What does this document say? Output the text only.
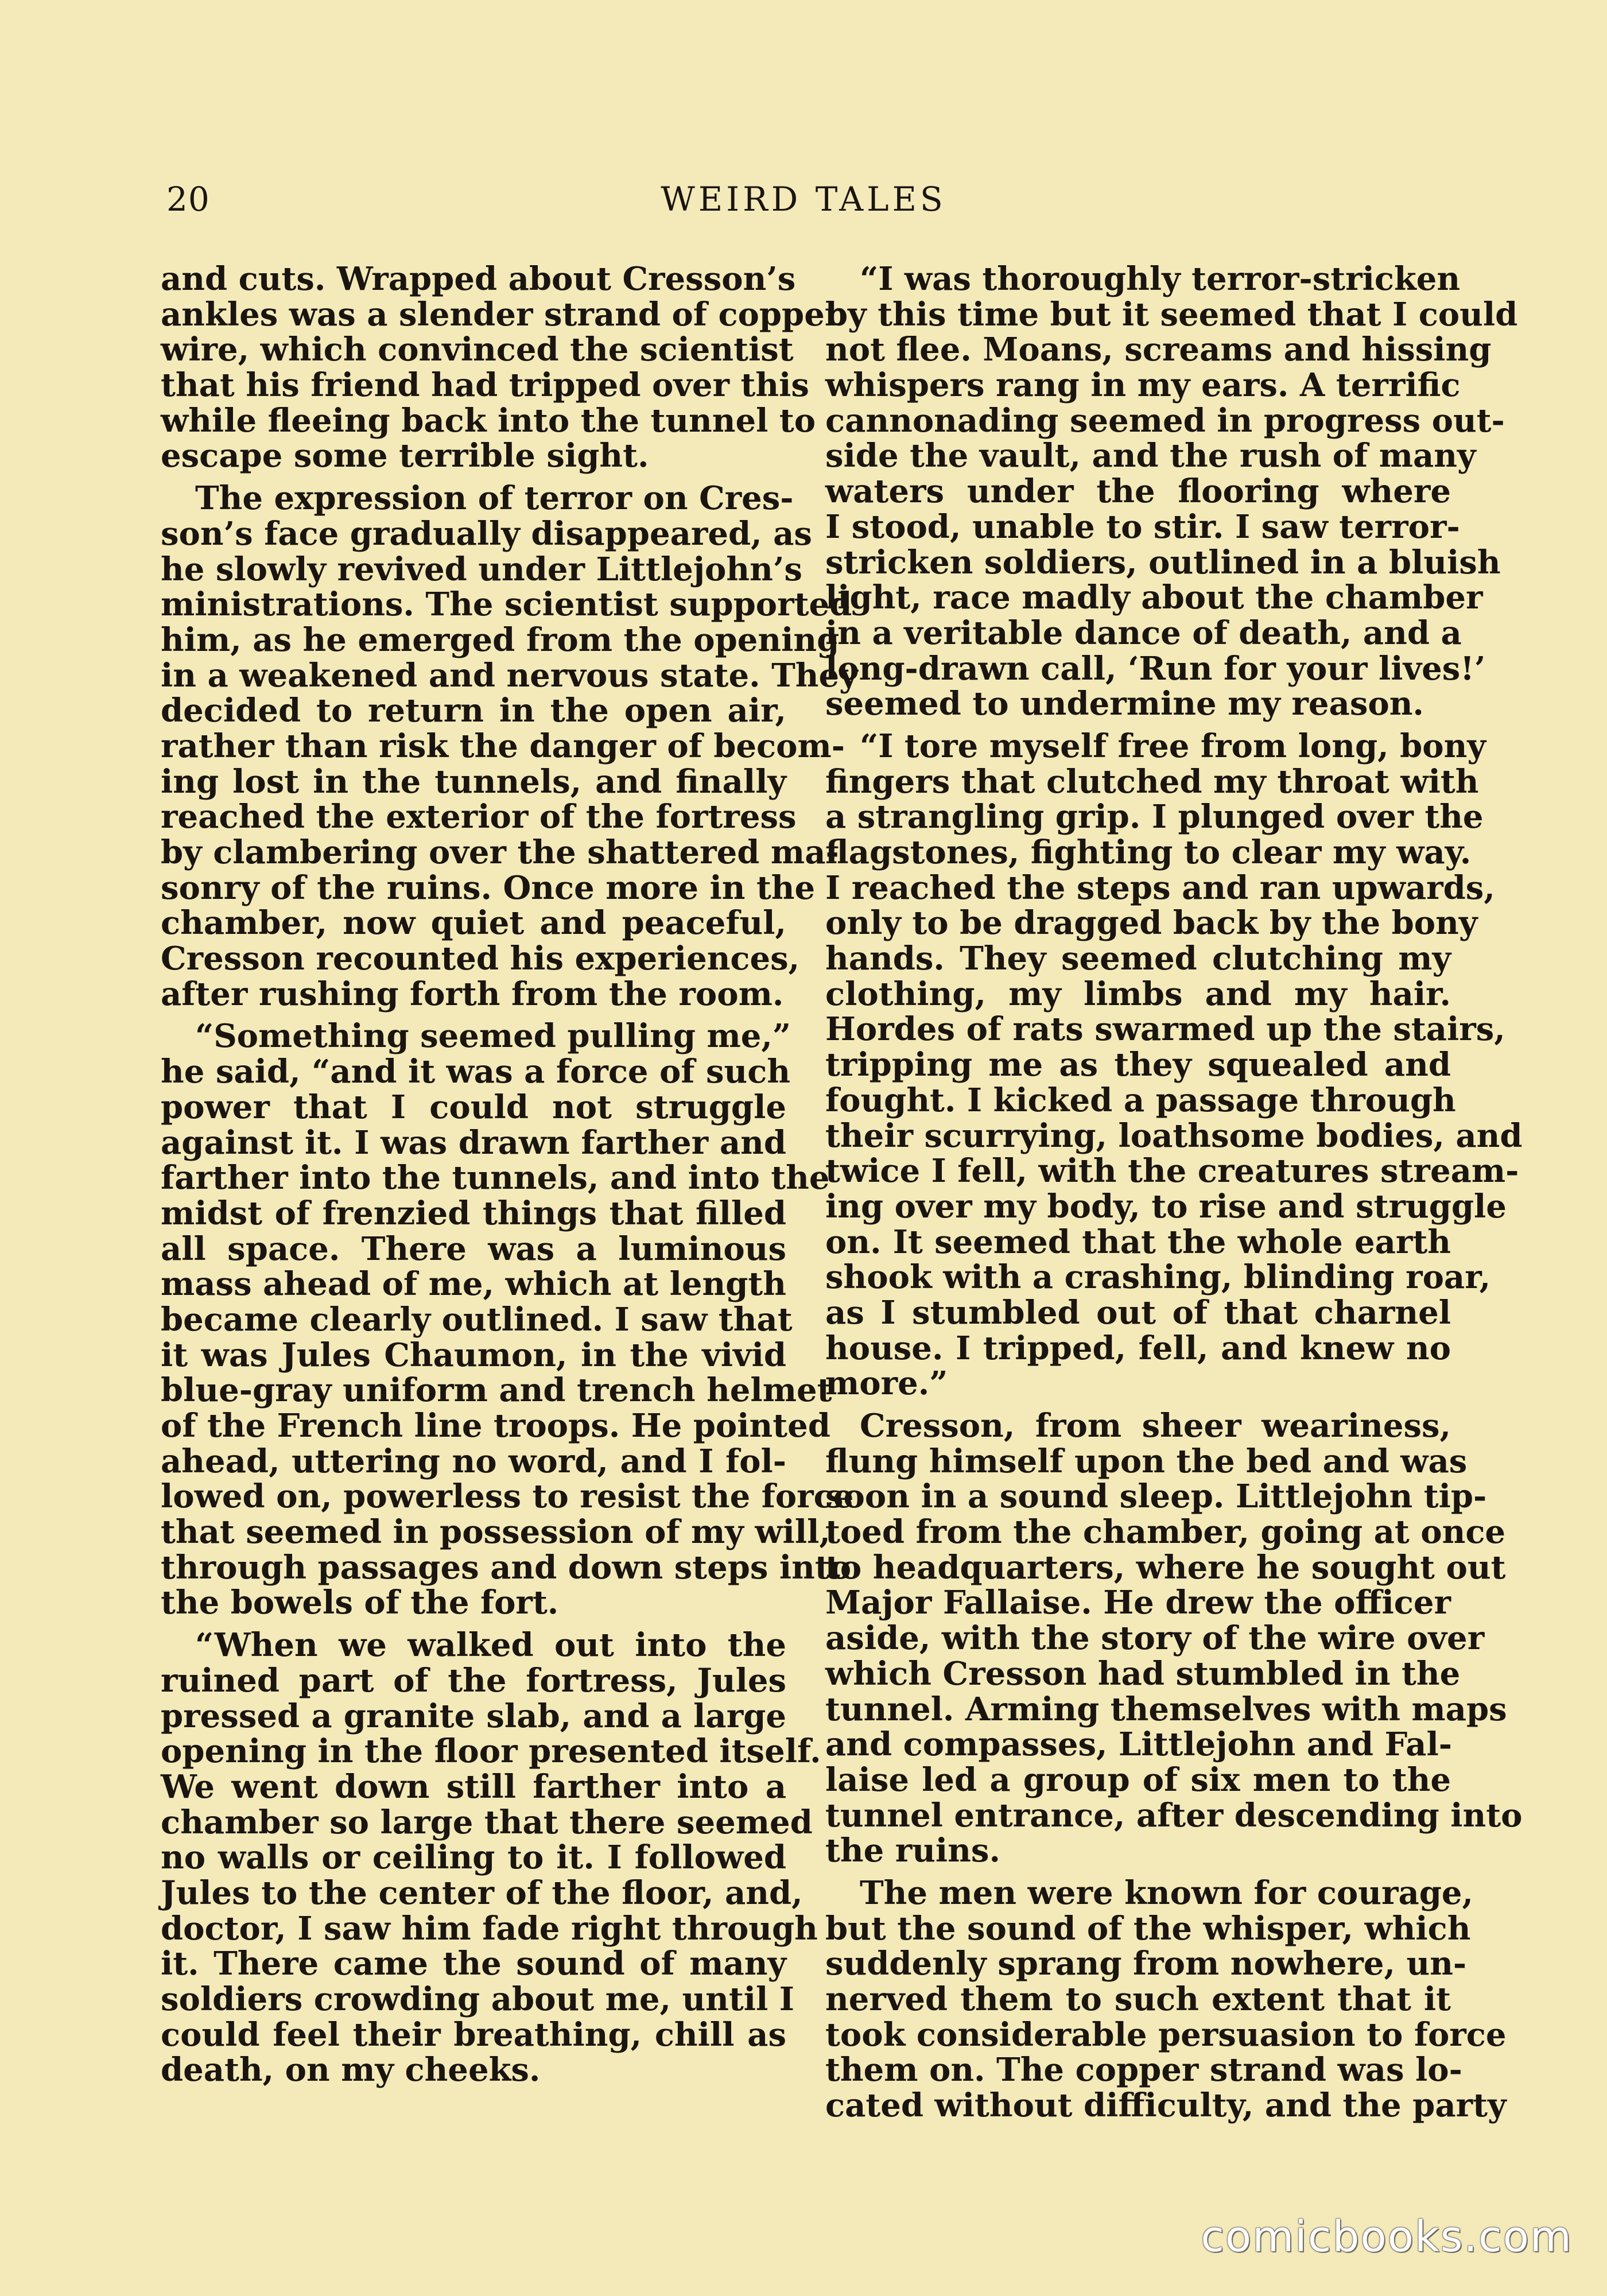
20	WEIRD TALES
and cuts. Wrapped about Cresson’s
ankles was a slender strand of copper
wire, which convinced the scientist
that his friend had tripped over this
while fleeing back into the tunnel to
escape some terrible sight.
The expression of terror on Cres-
son’s face gradually disappeared, as
he slowly revived under Littlejohn’s
ministrations. The scientist supported
him, as he emerged from the opening
in a weakened and nervous state. They
decided to return in the open air,
rather than risk the danger of becom-
ing lost in the tunnels, and finally
reached the exterior of the fortress
by clambering over the shattered ma-
sonry of the ruins. Once more in the
chamber, now quiet and peaceful,
Cresson recounted his experiences,
after rushing forth from the room.
“Something seemed pulling me,”
he said, “and it was a force of such
power that I could not struggle
against it. I was drawn farther and
farther into the tunnels, and into the
midst of frenzied things that filled
all space. There was a luminous
mass ahead of me, which at length
became clearly outlined. I saw that
it was Jules Chaumon, in the vivid
blue-gray uniform and trench helmet
of the French line troops. He pointed
ahead, uttering no word, and I fol-
lowed on, powerless to resist the force
that seemed in possession of my will,
through passages and down steps into
the bowels of the fort.
“When we walked out into the
ruined part of the fortress, Jules
pressed a granite slab, and a large
opening in the floor presented itself.
We went down still farther into a
chamber so large that there seemed
no walls or ceiling to it. I followed
Jules to the center of the floor, and,
doctor, I saw him fade right through
it. There came the sound of many
soldiers crowding about me, until I
could feel their breathing, chill as
death, on my cheeks.
“I was thoroughly terror-stricken
by this time but it seemed that I could
not flee. Moans, screams and hissing
whispers rang in my ears. A terrific
cannonading seemed in progress out-
side the vault, and the rush of many
waters under the flooring where
I stood, unable to stir. I saw terror-
stricken soldiers, outlined in a bluish
light, race madly about the chamber
in a veritable dance of death, and a
long-drawn call, ‘Run for your lives!’
seemed to undermine my reason.
“I tore myself free from long, bony
fingers that clutched my throat with
a strangling grip. I plunged over the
flagstones, fighting to clear my way.
I reached the steps and ran upwards,
only to be dragged back by the bony
hands. They seemed clutching my
clothing, my limbs and my hair.
Hordes of rats swarmed up the stairs,
tripping me as they squealed and
fought. I kicked a passage through
their scurrying, loathsome bodies, and
twice I fell, with the creatures stream-
ing over my body, to rise and struggle
on. It seemed that the whole earth
shook with a crashing, blinding roar,
as I stumbled out of that charnel
house. I tripped, fell, and knew no
more.”
Cresson, from sheer weariness,
flung himself upon the bed and was
soon in a sound sleep. Littlejohn tip-
toed from the chamber, going at once
to headquarters, where he sought out
Major Fallaise. He drew the officer
aside, with the story of the wire over
which Cresson had stumbled in the
tunnel. Arming themselves with maps
and compasses, Littlejohn and Fal-
laise led a group of six men to the
tunnel entrance, after descending into
the ruins.
The men were known for courage,
but the sound of the whisper, which
suddenly sprang from nowhere, un-
nerved them to such extent that it
took considerable persuasion to force
them on. The copper strand was lo-
cated without difficulty, and the party
comicbooks.com
